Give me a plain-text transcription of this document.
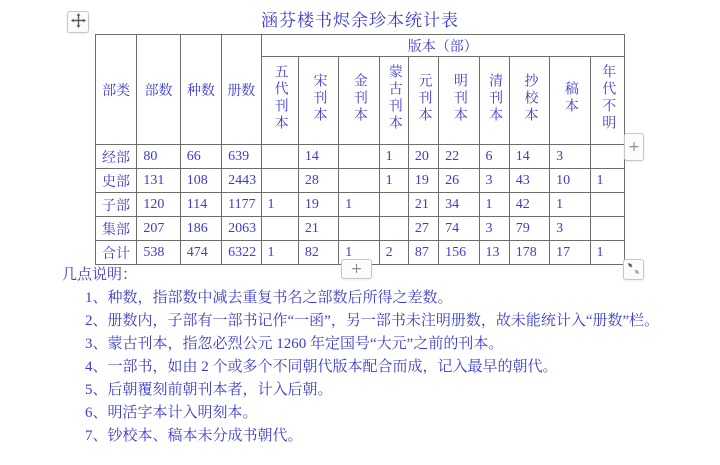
涵芬楼书烬余珍本统计表
部类	部数	种数	册数	版本（部）									
				五代刊本	宋刊本	金刊本	蒙古刊本	元刊本	明刊本	清刊本	抄校本	稿本	年代不明
经部	80	66	639		14		1	20	22	6	14	3	
史部	131	108	2443		28		1	19	26	3	43	10	1
子部	120	114	1177	1	19	1		21	34	1	42	1	
集部	207	186	2063		21			27	74	3	79	3	
合计	538	474	6322	1	82	1	2	87	156	13	178	17	1
+
+

几点说明：

1、种数，指部数中减去重复书名之部数后所得之差数。

2、册数内，子部有一部书记作“一函”，另一部书未注明册数，故未能统计入“册数”栏。

3、蒙古刊本，指忽必烈公元 1260 年定国号“大元”之前的刊本。

4、一部书，如由 2 个或多个不同朝代版本配合而成，记入最早的朝代。

5、后朝覆刻前朝刊本者，计入后朝。

6、明活字本计入明刻本。

7、钞校本、稿本未分成书朝代。
